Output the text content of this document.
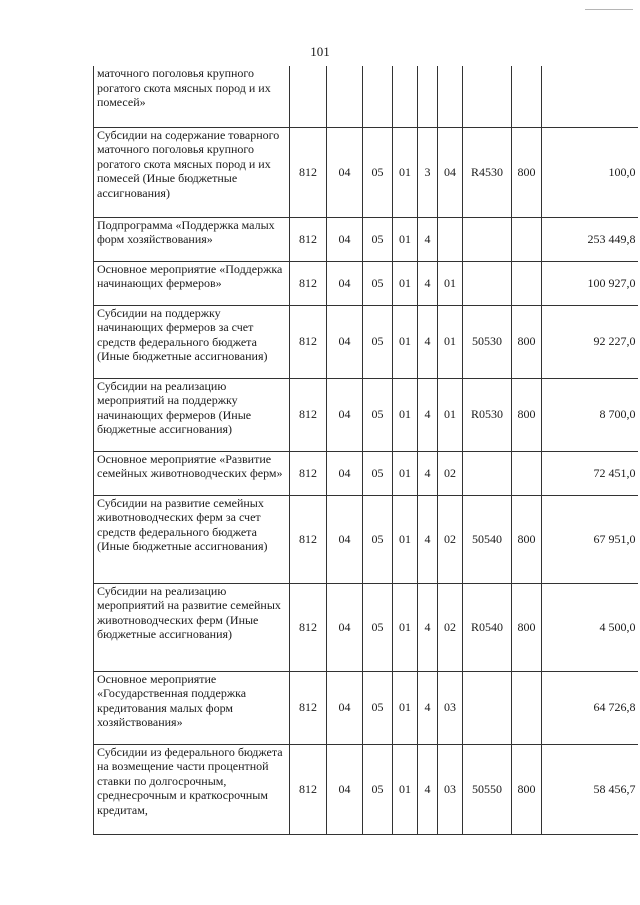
101
маточного поголовья крупного рогатого скота мясных пород и их помесей»									
Субсидии на содержание товарного маточного поголовья крупного рогатого скота мясных пород и их помесей (Иные бюджетные ассигнования)	812	04	05	01	3	04	R4530	800	100,0
Подпрограмма «Поддержка малых форм хозяйствования»	812	04	05	01	4				253 449,8
Основное мероприятие «Поддержка начинающих фермеров»	812	04	05	01	4	01			100 927,0
Субсидии на поддержку начинающих фермеров за счет средств федерального бюджета (Иные бюджетные ассигнования)	812	04	05	01	4	01	50530	800	92 227,0
Субсидии на реализацию мероприятий на поддержку начинающих фермеров (Иные бюджетные ассигнования)	812	04	05	01	4	01	R0530	800	8 700,0
Основное мероприятие «Развитие семейных животноводческих ферм»	812	04	05	01	4	02			72 451,0
Субсидии на развитие семейных животноводческих ферм за счет средств федерального бюджета (Иные бюджетные ассигнования)	812	04	05	01	4	02	50540	800	67 951,0
Субсидии на реализацию мероприятий на развитие семейных животноводческих ферм (Иные бюджетные ассигнования)	812	04	05	01	4	02	R0540	800	4 500,0
Основное мероприятие «Государственная поддержка кредитования малых форм хозяйствования»	812	04	05	01	4	03			64 726,8
Субсидии из федерального бюджета на возмещение части процентной ставки по долгосрочным, среднесрочным и краткосрочным кредитам,	812	04	05	01	4	03	50550	800	58 456,7
